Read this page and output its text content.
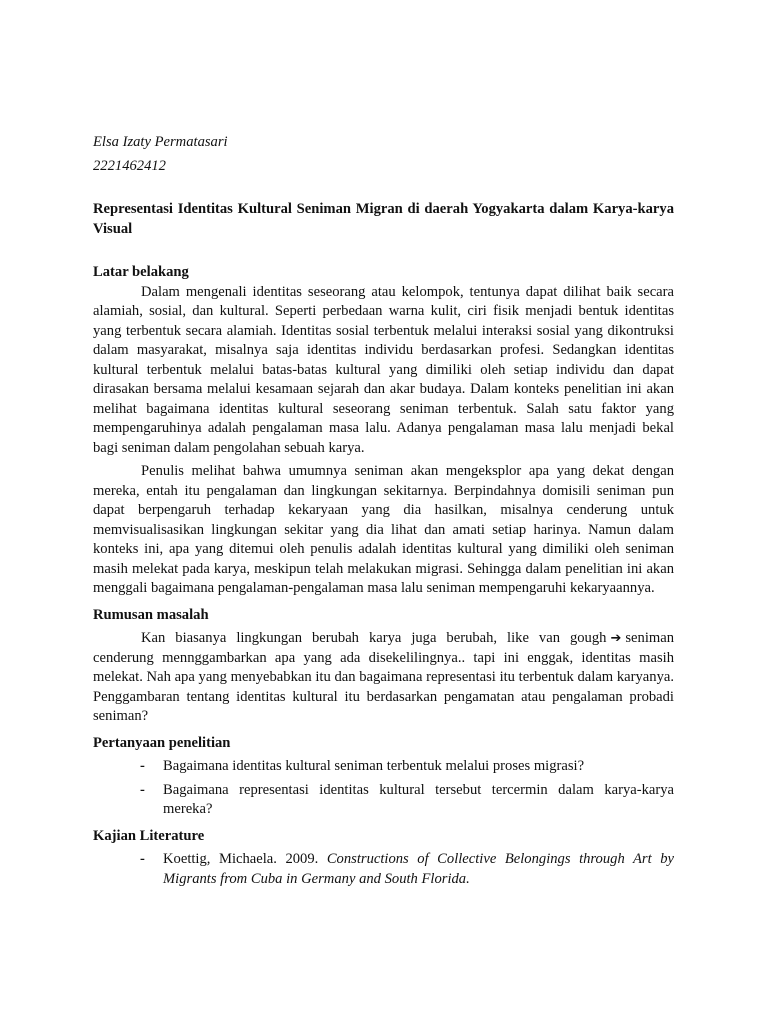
Elsa Izaty Permatasari
2221462412
Representasi Identitas Kultural Seniman Migran di daerah Yogyakarta dalam Karya-karya Visual
Latar belakang

Dalam mengenali identitas seseorang atau kelompok, tentunya dapat dilihat baik secara alamiah, sosial, dan kultural. Seperti perbedaan warna kulit, ciri fisik menjadi bentuk identitas yang terbentuk secara alamiah. Identitas sosial terbentuk melalui interaksi sosial yang dikontruksi dalam masyarakat, misalnya saja identitas individu berdasarkan profesi. Sedangkan identitas kultural terbentuk melalui batas-batas kultural yang dimiliki oleh setiap individu dan dapat dirasakan bersama melalui kesamaan sejarah dan akar budaya. Dalam konteks penelitian ini akan melihat bagaimana identitas kultural seseorang seniman terbentuk. Salah satu faktor yang mempengaruhinya adalah pengalaman masa lalu. Adanya pengalaman masa lalu menjadi bekal bagi seniman dalam pengolahan sebuah karya.

Penulis melihat bahwa umumnya seniman akan mengeksplor apa yang dekat dengan mereka, entah itu pengalaman dan lingkungan sekitarnya. Berpindahnya domisili seniman pun dapat berpengaruh terhadap kekaryaan yang dia hasilkan, misalnya cenderung untuk memvisualisasikan lingkungan sekitar yang dia lihat dan amati setiap harinya. Namun dalam konteks ini, apa yang ditemui oleh penulis adalah identitas kultural yang dimiliki oleh seniman masih melekat pada karya, meskipun telah melakukan migrasi. Sehingga dalam penelitian ini akan menggali bagaimana pengalaman-pengalaman masa lalu seniman mempengaruhi kekaryaannya.

Rumusan masalah

Kan biasanya lingkungan berubah karya juga berubah, like van gough ➔ seniman cenderung mennggambarkan apa yang ada disekelilingnya.. tapi ini enggak, identitas masih melekat. Nah apa yang menyebabkan itu dan bagaimana representasi itu terbentuk dalam karyanya. Penggambaran tentang identitas kultural itu berdasarkan pengamatan atau pengalaman probadi seniman?

Pertanyaan penelitian
- Bagaimana identitas kultural seniman terbentuk melalui proses migrasi?
- Bagaimana representasi identitas kultural tersebut tercermin dalam karya-karya mereka?
Kajian Literature
- Koettig, Michaela. 2009. Constructions of Collective Belongings through Art by Migrants from Cuba in Germany and South Florida.
